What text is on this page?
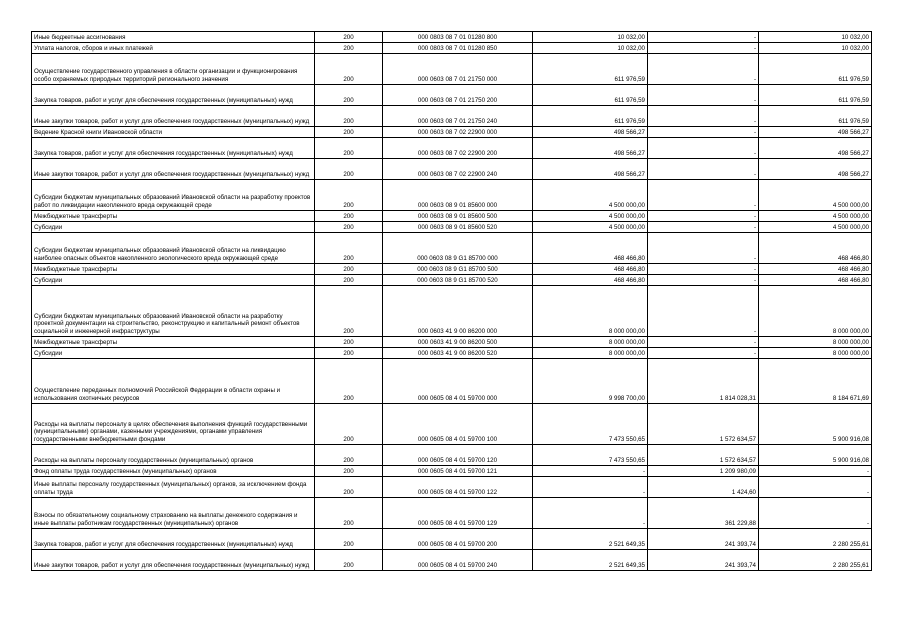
Иные бюджетные ассигнования	200	000 0803 08 7 01 01280 800	10 032,00	-	10 032,00
Уплата налогов, сборов и иных платежей	200	000 0803 08 7 01 01280 850	10 032,00	-	10 032,00
Осуществление государственного управления в области организации и функционирования особо охраняемых природных территорий регионального значения	200	000 0603 08 7 01 21750 000	611 976,59	-	611 976,59
Закупка товаров, работ и услуг для обеспечения государственных (муниципальных) нужд	200	000 0603 08 7 01 21750 200	611 976,59	-	611 976,59
Иные закупки товаров, работ и услуг для обеспечения государственных (муниципальных) нужд	200	000 0603 08 7 01 21750 240	611 976,59	-	611 976,59
Ведение Красной книги Ивановской области	200	000 0603 08 7 02 22900 000	498 566,27	-	498 566,27
Закупка товаров, работ и услуг для обеспечения государственных (муниципальных) нужд	200	000 0603 08 7 02 22900 200	498 566,27	-	498 566,27
Иные закупки товаров, работ и услуг для обеспечения государственных (муниципальных) нужд	200	000 0603 08 7 02 22900 240	498 566,27	-	498 566,27
Субсидии бюджетам муниципальных образований Ивановской области на разработку проектов работ по ликвидации накопленного вреда окружающей среде	200	000 0603 08 9 01 85600 000	4 500 000,00	-	4 500 000,00
Межбюджетные трансферты	200	000 0603 08 9 01 85600 500	4 500 000,00	-	4 500 000,00
Субсидии	200	000 0603 08 9 01 85600 520	4 500 000,00	-	4 500 000,00
Субсидии бюджетам муниципальных образований Ивановской области на ликвидацию наиболее опасных объектов накопленного экологического вреда окружающей среде	200	000 0603 08 9 G1 85700 000	468 466,80	-	468 466,80
Межбюджетные трансферты	200	000 0603 08 9 G1 85700 500	468 466,80	-	468 466,80
Субсидии	200	000 0603 08 9 G1 85700 520	468 466,80	-	468 466,80
Субсидии бюджетам муниципальных образований Ивановской области на разработку проектной документации на строительство, реконструкцию и капитальный ремонт объектов социальной и инженерной инфраструктуры	200	000 0603 41 9 00 86200 000	8 000 000,00	-	8 000 000,00
Межбюджетные трансферты	200	000 0603 41 9 00 86200 500	8 000 000,00	-	8 000 000,00
Субсидии	200	000 0603 41 9 00 86200 520	8 000 000,00	-	8 000 000,00
Осуществление переданных полномочий Российской Федерации в области охраны и использования охотничьих ресурсов	200	000 0605 08 4 01 59700 000	9 998 700,00	1 814 028,31	8 184 671,69
Расходы на выплаты персоналу в целях обеспечения выполнения функций государственными (муниципальными) органами, казенными учреждениями, органами управления государственными внебюджетными фондами	200	000 0605 08 4 01 59700 100	7 473 550,65	1 572 634,57	5 900 916,08
Расходы на выплаты персоналу государственных (муниципальных) органов	200	000 0605 08 4 01 59700 120	7 473 550,65	1 572 634,57	5 900 916,08
Фонд оплаты труда государственных (муниципальных) органов	200	000 0605 08 4 01 59700 121	-	1 209 980,09	-
Иные выплаты персоналу государственных (муниципальных) органов, за исключением фонда оплаты труда	200	000 0605 08 4 01 59700 122	-	1 424,60	-
Взносы по обязательному социальному страхованию на выплаты денежного содержания и иные выплаты работникам государственных (муниципальных) органов	200	000 0605 08 4 01 59700 129	-	361 229,88	-
Закупка товаров, работ и услуг для обеспечения государственных (муниципальных) нужд	200	000 0605 08 4 01 59700 200	2 521 649,35	241 393,74	2 280 255,61
Иные закупки товаров, работ и услуг для обеспечения государственных (муниципальных) нужд	200	000 0605 08 4 01 59700 240	2 521 649,35	241 393,74	2 280 255,61
